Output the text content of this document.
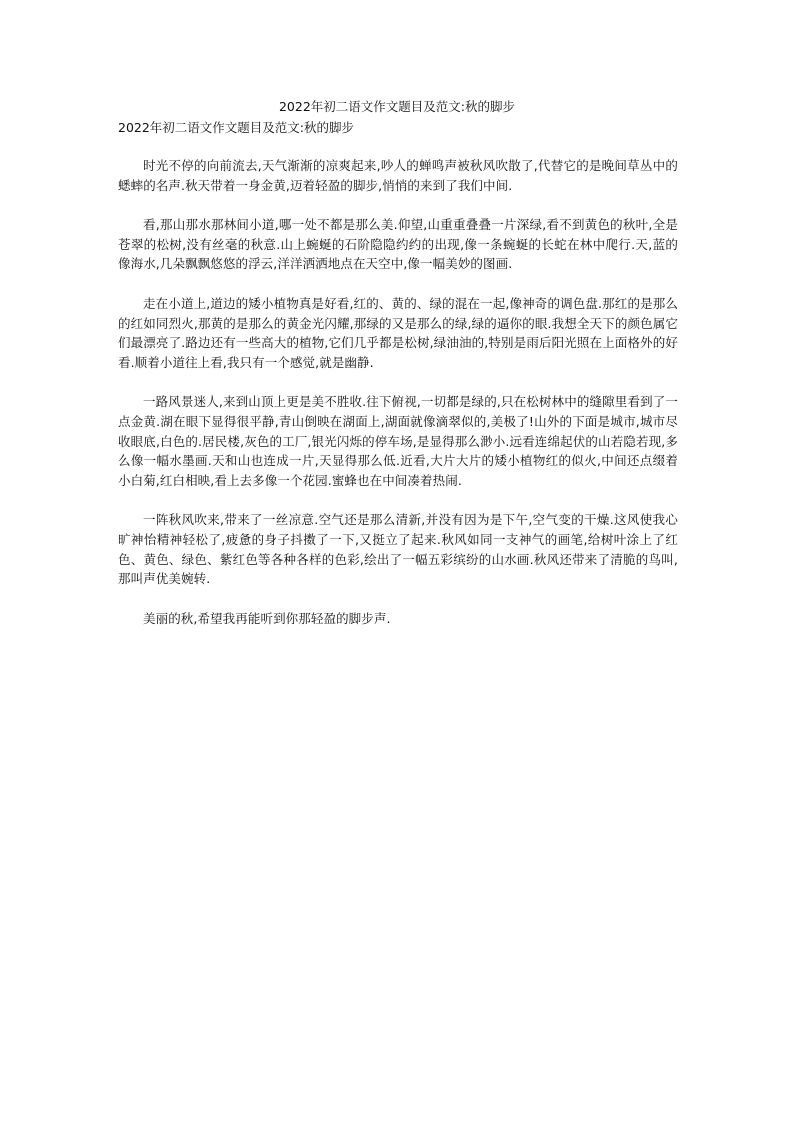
2022年初二语文作文题目及范文:秋的脚步
2022年初二语文作文题目及范文:秋的脚步

时光不停的向前流去,天气渐渐的凉爽起来,吵人的蝉鸣声被秋风吹散了,代替它的是晚间草丛中的蟋蟀的名声.秋天带着一身金黄,迈着轻盈的脚步,悄悄的来到了我们中间.

看,那山那水那林间小道,哪一处不都是那么美.仰望,山重重叠叠一片深绿,看不到黄色的秋叶,全是苍翠的松树,没有丝毫的秋意.山上蜿蜒的石阶隐隐约约的出现,像一条蜿蜒的长蛇在林中爬行.天,蓝的像海水,几朵飘飘悠悠的浮云,洋洋洒洒地点在天空中,像一幅美妙的图画.

走在小道上,道边的矮小植物真是好看,红的、黄的、绿的混在一起,像神奇的调色盘.那红的是那么的红如同烈火,那黄的是那么的黄金光闪耀,那绿的又是那么的绿,绿的逼你的眼.我想全天下的颜色属它们最漂亮了.路边还有一些高大的植物,它们几乎都是松树,绿油油的,特别是雨后阳光照在上面格外的好看.顺着小道往上看,我只有一个感觉,就是幽静.

一路风景迷人,来到山顶上更是美不胜收.往下俯视,一切都是绿的,只在松树林中的缝隙里看到了一点金黄.湖在眼下显得很平静,青山倒映在湖面上,湖面就像滴翠似的,美极了!山外的下面是城市,城市尽收眼底,白色的.居民楼,灰色的工厂,银光闪烁的停车场,是显得那么渺小.远看连绵起伏的山若隐若现,多么像一幅水墨画.天和山也连成一片,天显得那么低.近看,大片大片的矮小植物红的似火,中间还点缀着小白菊,红白相映,看上去多像一个花园.蜜蜂也在中间凑着热闹.

一阵秋风吹来,带来了一丝凉意.空气还是那么清新,并没有因为是下午,空气变的干燥.这风使我心旷神怡精神轻松了,疲惫的身子抖擞了一下,又挺立了起来.秋风如同一支神气的画笔,给树叶涂上了红色、黄色、绿色、紫红色等各种各样的色彩,绘出了一幅五彩缤纷的山水画.秋风还带来了清脆的鸟叫,那叫声优美婉转.

美丽的秋,希望我再能听到你那轻盈的脚步声.
